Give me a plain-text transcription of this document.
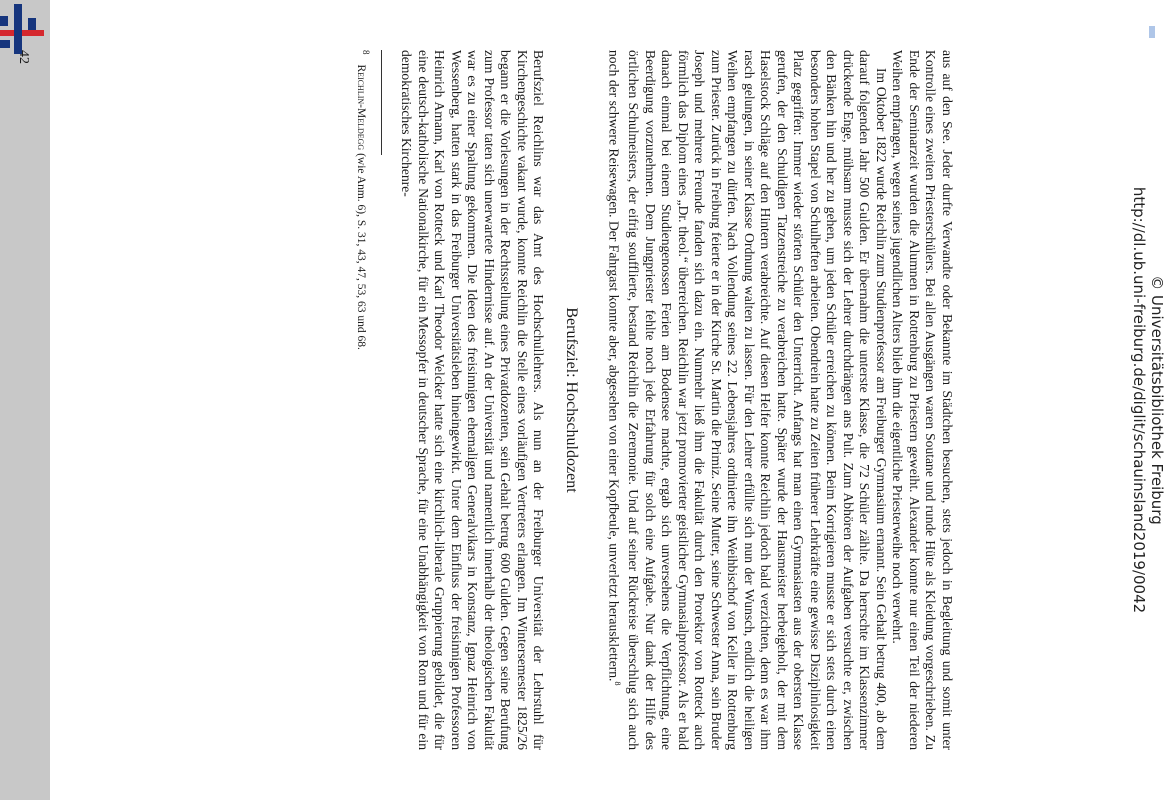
http://dl.ub.uni-freiburg.de/diglit/schauinsland2019/0042 © Universitätsbibliothek Freiburg

aus auf den See. Jeder durfte Verwandte oder Bekannte im Städtchen besuchen, stets jedoch in Begleitung und somit unter Kontrolle eines zweiten Priesterschülers. Bei allen Ausgängen waren Soutane und runde Hüte als Kleidung vorgeschrieben. Zu Ende der Seminarzeit wurden die Alumnen in Rottenburg zu Priestern geweiht. Alexander konnte nur einen Teil der niederen Weihen empfangen, wegen seines jugendlichen Alters blieb ihm die eigentliche Priesterweihe noch verwehrt.

Im Oktober 1822 wurde Reichlin zum Studienprofessor am Freiburger Gymnasium ernannt. Sein Gehalt betrug 400, ab dem darauf folgenden Jahr 500 Gulden. Er übernahm die unterste Klasse, die 72 Schüler zählte. Da herrschte im Klassenzimmer drückende Enge, mühsam musste sich der Lehrer durchdrängen ans Pult. Zum Abhören der Aufgaben versuchte er, zwischen den Bänken hin und her zu gehen, um jeden Schüler erreichen zu können. Beim Korrigieren musste er sich stets durch einen besonders hohen Stapel von Schulheften arbeiten. Obendrein hatte zu Zeiten früherer Lehrkräfte eine gewisse Disziplinlosigkeit Platz gegriffen: Immer wieder störten Schüler den Unterricht. Anfangs hat man einen Gymnasiasten aus der obersten Klasse gerufen, der den Schuldigen Tatzenstreiche zu verabreichen hatte. Später wurde der Hausmeister herbeigeholt, der mit dem Haselstock Schläge auf den Hintern verabreichte. Auf diesen Helfer konnte Reichlin jedoch bald verzichten, denn es war ihm rasch gelungen, in seiner Klasse Ordnung walten zu lassen. Für den Lehrer erfüllte sich nun der Wunsch, endlich die heiligen Weihen empfangen zu dürfen. Nach Vollendung seines 22. Lebensjahres ordinierte ihn Weihbischof von Keller in Rottenburg zum Priester. Zurück in Freiburg feierte er in der Kirche St. Martin die Primiz. Seine Mutter, seine Schwester Anna, sein Bruder Joseph und mehrere Freunde fanden sich dazu ein. Nunmehr ließ ihm die Fakultät durch den Prorektor von Rotteck auch förmlich das Diplom eines „Dr. theol.“ überreichen. Reichlin war jetzt promovierter geistlicher Gymnasialprofessor. Als er bald danach einmal bei einem Studiengenossen Ferien am Bodensee machte, ergab sich unversehens die Verpflichtung, eine Beerdigung vorzunehmen. Dem Jungpriester fehlte noch jede Erfahrung für solch eine Aufgabe. Nur dank der Hilfe des örtlichen Schulmeisters, der eifrig soufflierte, bestand Reichlin die Zeremonie. Und auf seiner Rückreise überschlug sich auch noch der schwere Reisewagen. Der Fahrgast konnte aber, abgesehen von einer Kopfbeule, unverletzt herausklettern.$^8$

Berufsziel: Hochschuldozent

Berufsziel Reichlins war das Amt des Hochschullehrers. Als nun an der Freiburger Universität der Lehrstuhl für Kirchengeschichte vakant wurde, konnte Reichlin die Stelle eines vorläufigen Vertreters erlangen. Im Wintersemester 1825/26 begann er die Vorlesungen in der Rechtsstellung eines Privatdozenten, sein Gehalt betrug 600 Gulden. Gegen seine Berufung zum Professor taten sich unerwartete Hindernisse auf. An der Universität und namentlich innerhalb der theologischen Fakultät war es zu einer Spaltung gekommen. Die Ideen des freisinnigen ehemaligen Generalvikars in Konstanz, Ignaz Heinrich von Wessenberg, hatten stark in das Freiburger Universitätsleben hineingewirkt. Unter dem Einfluss der freisinnigen Professoren Heinrich Amann, Karl von Rotteck und Karl Theodor Welcker hatte sich eine kirchlich-liberale Gruppierung gebildet, die für eine deutsch-katholische Nationalkirche, für ein Messopfer in deutscher Sprache, für eine Unabhängigkeit von Rom und für ein demokratisches Kirchenre-

$^8$Reichlin-Meldegg (wie Anm. 6), S. 31, 43, 47, 53, 63 und 68.

42
